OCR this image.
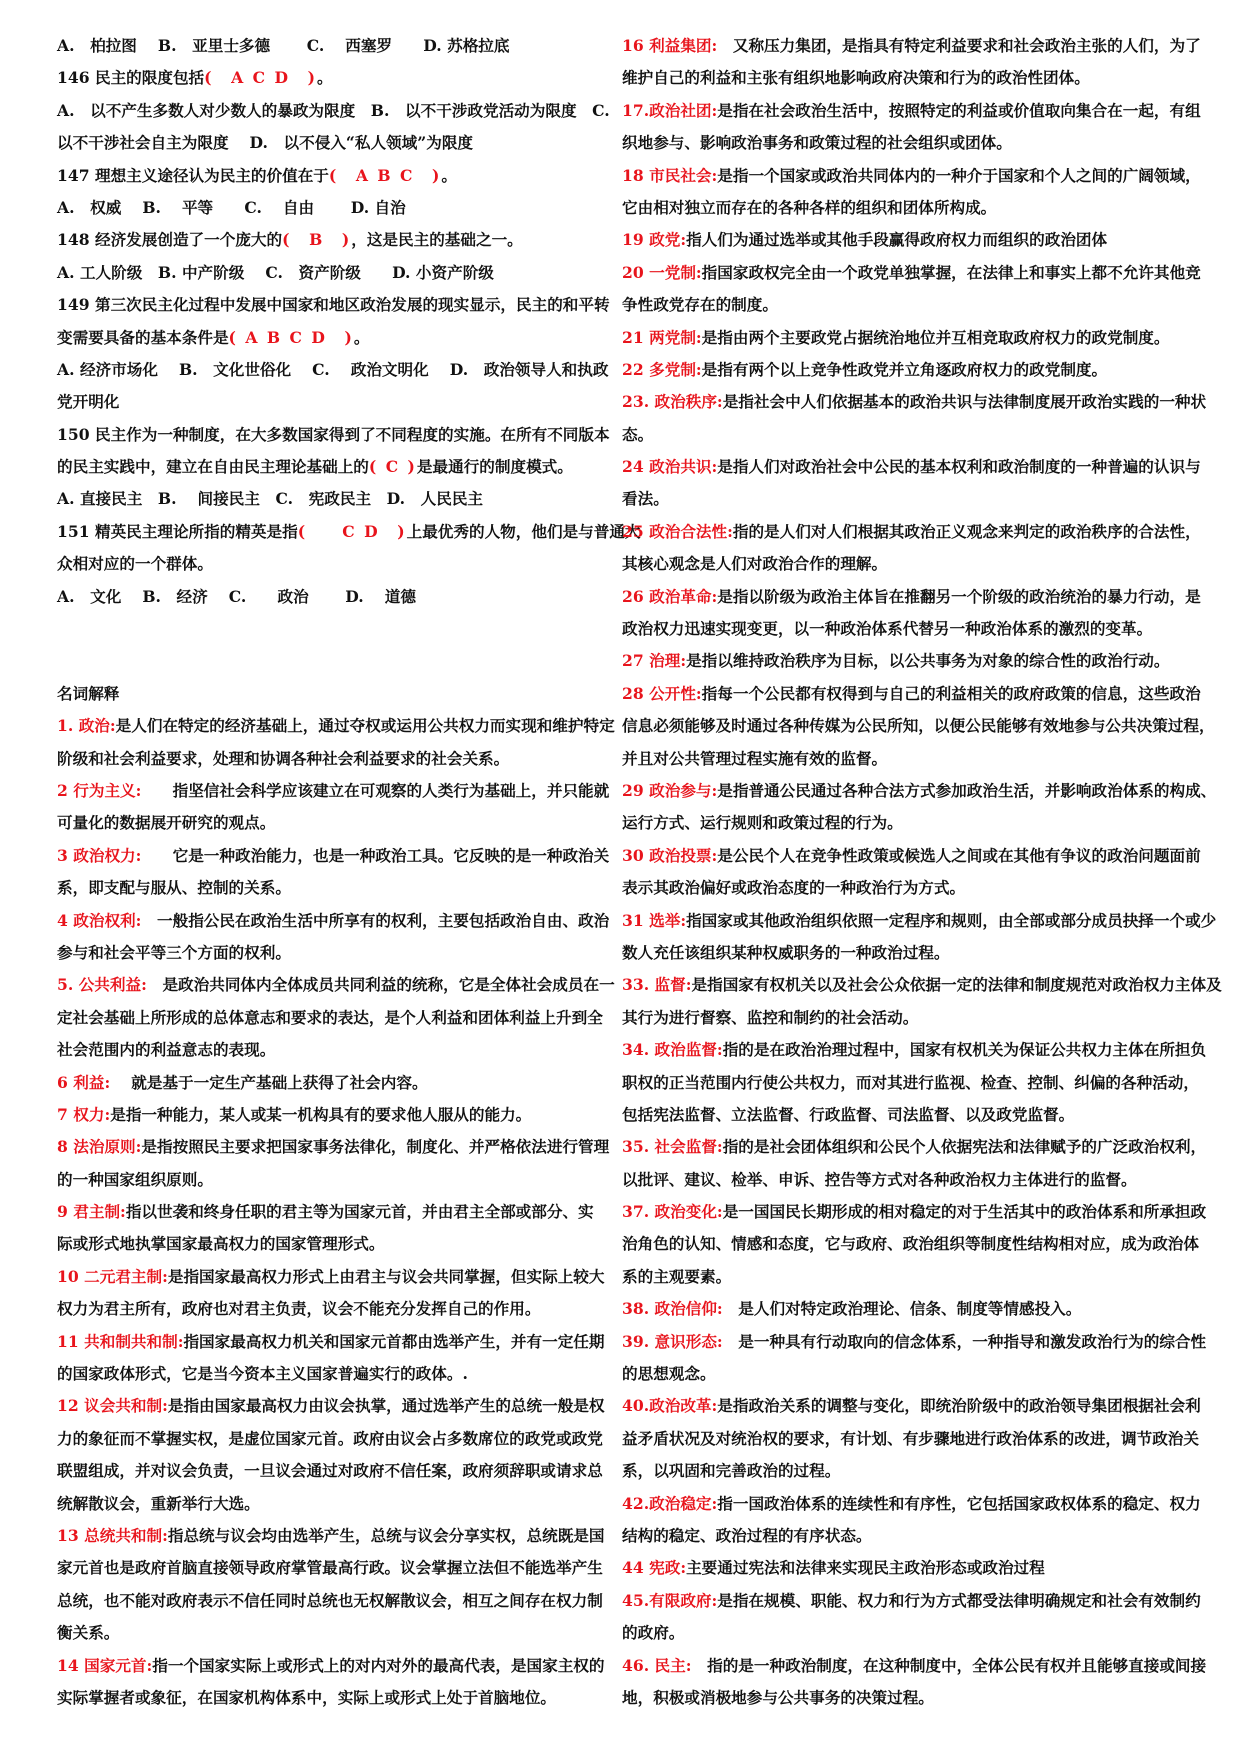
A.　柏拉图　 B.　亚里士多德　　 C.　 西塞罗　　D. 苏格拉底
146 民主的限度包括(　A C D　)。
A.　以不产生多数人对少数人的暴政为限度　B.　以不干涉政党活动为限度　C.
以不干涉社会自主为限度　 D.　以不侵入“私人领域”为限度
147 理想主义途径认为民主的价值在于(　A B C　)。
A.　权威　 B.　 平等　　C.　 自由　　 D. 自治
148 经济发展创造了一个庞大的(　B　)，这是民主的基础之一。
A. 工人阶级　B. 中产阶级　 C.　资产阶级　　D. 小资产阶级
149 第三次民主化过程中发展中国家和地区政治发展的现实显示，民主的和平转
变需要具备的基本条件是( A B C D　)。
A. 经济市场化　 B.　文化世俗化　 C.　 政治文明化　 D.　政治领导人和执政
党开明化
150 民主作为一种制度，在大多数国家得到了不同程度的实施。在所有不同版本
的民主实践中，建立在自由民主理论基础上的( C )是最通行的制度模式。
A. 直接民主　B.　 间接民主　C.　宪政民主　D.　人民民主
151 精英民主理论所指的精英是指(　　C D　)上最优秀的人物，他们是与普通大
众相对应的一个群体。
A.　文化　 B.　经济　 C.　　政治　　 D.　 道德
名词解释
1. 政治:是人们在特定的经济基础上，通过夺权或运用公共权力而实现和维护特定
阶级和社会利益要求，处理和协调各种社会利益要求的社会关系。
2 行为主义:　　指坚信社会科学应该建立在可观察的人类行为基础上，并只能就
可量化的数据展开研究的观点。
3 政治权力:　　它是一种政治能力，也是一种政治工具。它反映的是一种政治关
系，即支配与服从、控制的关系。
4 政治权利:　一般指公民在政治生活中所享有的权利，主要包括政治自由、政治
参与和社会平等三个方面的权利。
5. 公共利益:　是政治共同体内全体成员共同利益的统称，它是全体社会成员在一
定社会基础上所形成的总体意志和要求的表达，是个人利益和团体利益上升到全
社会范围内的利益意志的表现。
6 利益:　 就是基于一定生产基础上获得了社会内容。
7 权力:是指一种能力，某人或某一机构具有的要求他人服从的能力。
8 法治原则:是指按照民主要求把国家事务法律化，制度化、并严格依法进行管理
的一种国家组织原则。
9 君主制:指以世袭和终身任职的君主等为国家元首，并由君主全部或部分、实
际或形式地执掌国家最高权力的国家管理形式。
10 二元君主制:是指国家最高权力形式上由君主与议会共同掌握，但实际上较大
权力为君主所有，政府也对君主负责，议会不能充分发挥自己的作用。
11 共和制共和制:指国家最高权力机关和国家元首都由选举产生，并有一定任期
的国家政体形式，它是当今资本主义国家普遍实行的政体。.
12 议会共和制:是指由国家最高权力由议会执掌，通过选举产生的总统一般是权
力的象征而不掌握实权，是虚位国家元首。政府由议会占多数席位的政党或政党
联盟组成，并对议会负责，一旦议会通过对政府不信任案，政府须辞职或请求总
统解散议会，重新举行大选。
13 总统共和制:指总统与议会均由选举产生，总统与议会分享实权，总统既是国
家元首也是政府首脑直接领导政府掌管最高行政。议会掌握立法但不能选举产生
总统，也不能对政府表示不信任同时总统也无权解散议会，相互之间存在权力制
衡关系。
14 国家元首:指一个国家实际上或形式上的对内对外的最高代表，是国家主权的
实际掌握者或象征，在国家机构体系中，实际上或形式上处于首脑地位。
16 利益集团:　又称压力集团，是指具有特定利益要求和社会政治主张的人们，为了
维护自己的利益和主张有组织地影响政府决策和行为的政治性团体。
17.政治社团:是指在社会政治生活中，按照特定的利益或价值取向集合在一起，有组
织地参与、影响政治事务和政策过程的社会组织或团体。
18 市民社会:是指一个国家或政治共同体内的一种介于国家和个人之间的广阔领域，
它由相对独立而存在的各种各样的组织和团体所构成。
19 政党:指人们为通过选举或其他手段赢得政府权力而组织的政治团体
20 一党制:指国家政权完全由一个政党单独掌握，在法律上和事实上都不允许其他竞
争性政党存在的制度。
21 两党制:是指由两个主要政党占据统治地位并互相竞取政府权力的政党制度。
22 多党制:是指有两个以上竞争性政党并立角逐政府权力的政党制度。
23. 政治秩序:是指社会中人们依据基本的政治共识与法律制度展开政治实践的一种状
态。
24 政治共识:是指人们对政治社会中公民的基本权利和政治制度的一种普遍的认识与
看法。
25 政治合法性:指的是人们对人们根据其政治正义观念来判定的政治秩序的合法性，
其核心观念是人们对政治合作的理解。
26 政治革命:是指以阶级为政治主体旨在推翻另一个阶级的政治统治的暴力行动，是
政治权力迅速实现变更，以一种政治体系代替另一种政治体系的激烈的变革。
27 治理:是指以维持政治秩序为目标，以公共事务为对象的综合性的政治行动。
28 公开性:指每一个公民都有权得到与自己的利益相关的政府政策的信息，这些政治
信息必须能够及时通过各种传媒为公民所知，以便公民能够有效地参与公共决策过程，
并且对公共管理过程实施有效的监督。
29 政治参与:是指普通公民通过各种合法方式参加政治生活，并影响政治体系的构成、
运行方式、运行规则和政策过程的行为。
30 政治投票:是公民个人在竞争性政策或候选人之间或在其他有争议的政治问题面前
表示其政治偏好或政治态度的一种政治行为方式。
31 选举:指国家或其他政治组织依照一定程序和规则，由全部或部分成员抉择一个或少
数人充任该组织某种权威职务的一种政治过程。
33. 监督:是指国家有权机关以及社会公众依据一定的法律和制度规范对政治权力主体及
其行为进行督察、监控和制约的社会活动。
34. 政治监督:指的是在政治治理过程中，国家有权机关为保证公共权力主体在所担负
职权的正当范围内行使公共权力，而对其进行监视、检查、控制、纠偏的各种活动，
包括宪法监督、立法监督、行政监督、司法监督、以及政党监督。
35. 社会监督:指的是社会团体组织和公民个人依据宪法和法律赋予的广泛政治权利，
以批评、建议、检举、申诉、控告等方式对各种政治权力主体进行的监督。
37. 政治变化:是一国国民长期形成的相对稳定的对于生活其中的政治体系和所承担政
治角色的认知、情感和态度，它与政府、政治组织等制度性结构相对应，成为政治体
系的主观要素。
38. 政治信仰:　是人们对特定政治理论、信条、制度等情感投入。
39. 意识形态:　是一种具有行动取向的信念体系，一种指导和激发政治行为的综合性
的思想观念。
40.政治改革:是指政治关系的调整与变化，即统治阶级中的政治领导集团根据社会利
益矛盾状况及对统治权的要求，有计划、有步骤地进行政治体系的改进，调节政治关
系，以巩固和完善政治的过程。
42.政治稳定:指一国政治体系的连续性和有序性，它包括国家政权体系的稳定、权力
结构的稳定、政治过程的有序状态。
44 宪政:主要通过宪法和法律来实现民主政治形态或政治过程
45.有限政府:是指在规模、职能、权力和行为方式都受法律明确规定和社会有效制约
的政府。
46. 民主:　指的是一种政治制度，在这种制度中，全体公民有权并且能够直接或间接
地，积极或消极地参与公共事务的决策过程。
